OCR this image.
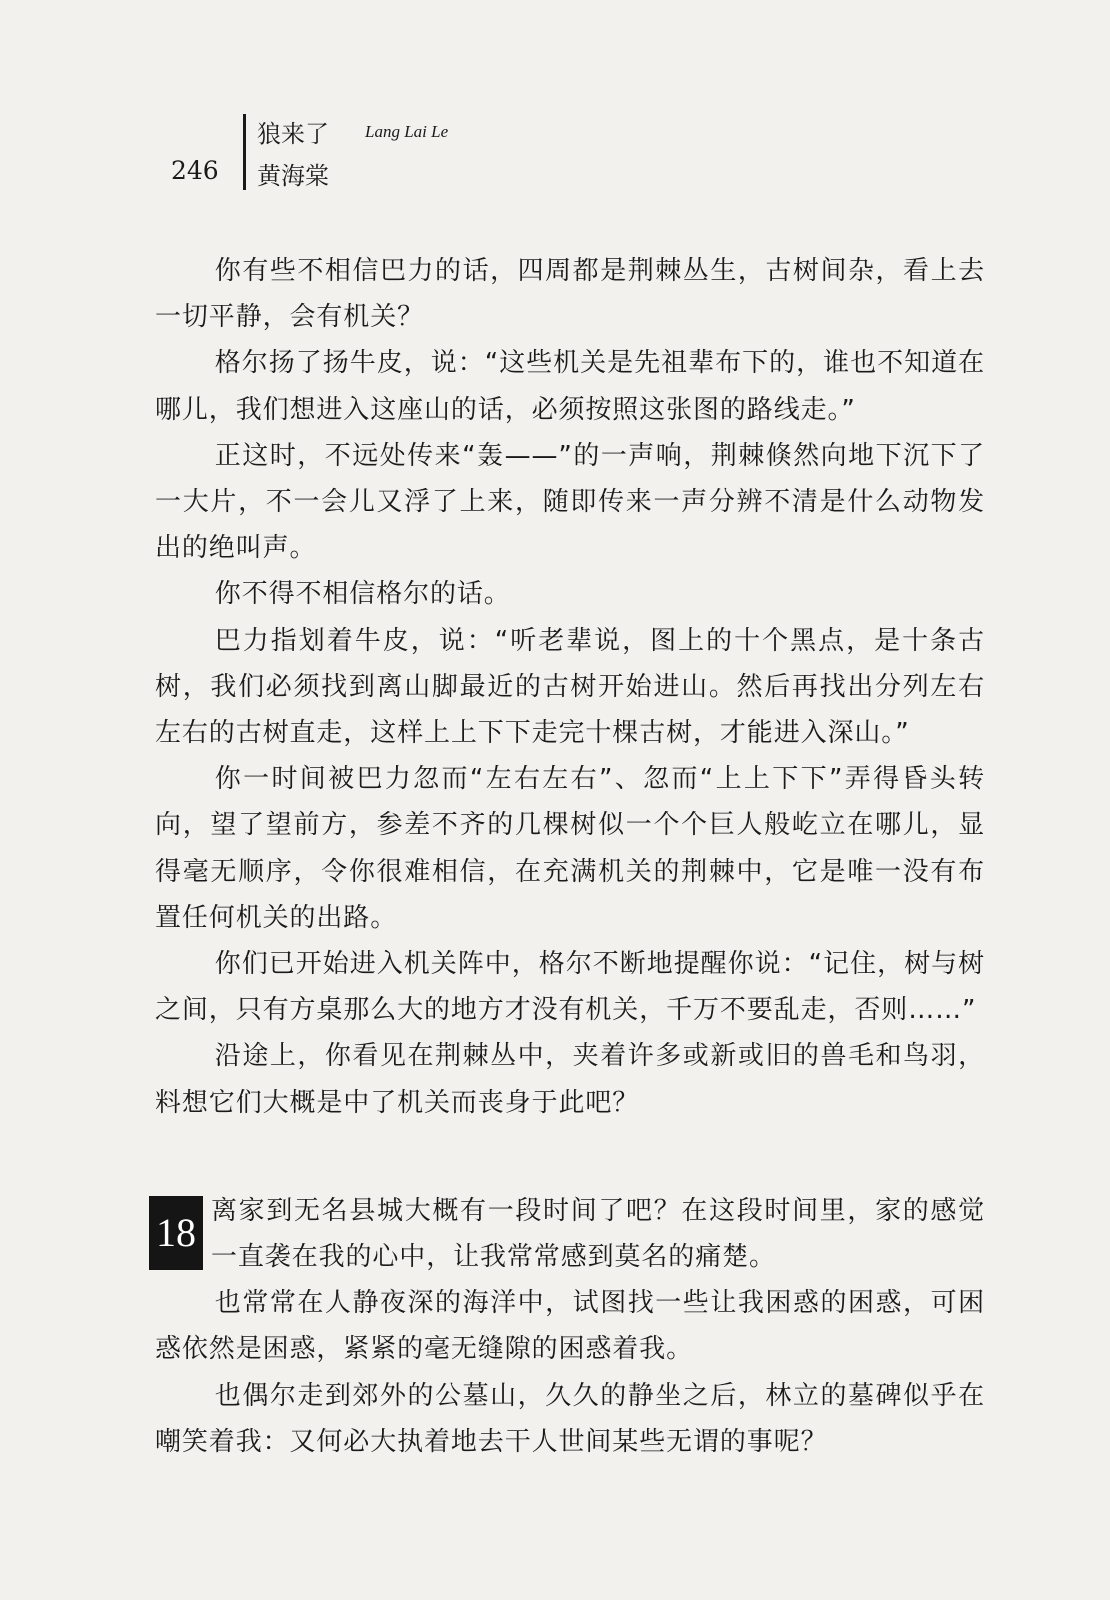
246
狼来了 Lang Lai Le
黄海棠

你有些不相信巴力的话，四周都是荆棘丛生，古树间杂，看上去一切平静，会有机关？

格尔扬了扬牛皮，说：“这些机关是先祖辈布下的，谁也不知道在哪儿，我们想进入这座山的话，必须按照这张图的路线走。”

正这时，不远处传来“轰——”的一声响，荆棘倏然向地下沉下了一大片，不一会儿又浮了上来，随即传来一声分辨不清是什么动物发出的绝叫声。

你不得不相信格尔的话。

巴力指划着牛皮，说：“听老辈说，图上的十个黑点，是十条古树，我们必须找到离山脚最近的古树开始进山。然后再找出分列左右左右的古树直走，这样上上下下走完十棵古树，才能进入深山。”

你一时间被巴力忽而“左右左右”、忽而“上上下下”弄得昏头转向，望了望前方，参差不齐的几棵树似一个个巨人般屹立在哪儿，显得毫无顺序，令你很难相信，在充满机关的荆棘中，它是唯一没有布置任何机关的出路。

你们已开始进入机关阵中，格尔不断地提醒你说：“记住，树与树之间，只有方桌那么大的地方才没有机关，千万不要乱走，否则……”

沿途上，你看见在荆棘丛中，夹着许多或新或旧的兽毛和鸟羽，料想它们大概是中了机关而丧身于此吧？

18 离家到无名县城大概有一段时间了吧？在这段时间里，家的感觉一直袭在我的心中，让我常常感到莫名的痛楚。

也常常在人静夜深的海洋中，试图找一些让我困惑的困惑，可困惑依然是困惑，紧紧的毫无缝隙的困惑着我。

也偶尔走到郊外的公墓山，久久的静坐之后，林立的墓碑似乎在嘲笑着我：又何必大执着地去干人世间某些无谓的事呢？
